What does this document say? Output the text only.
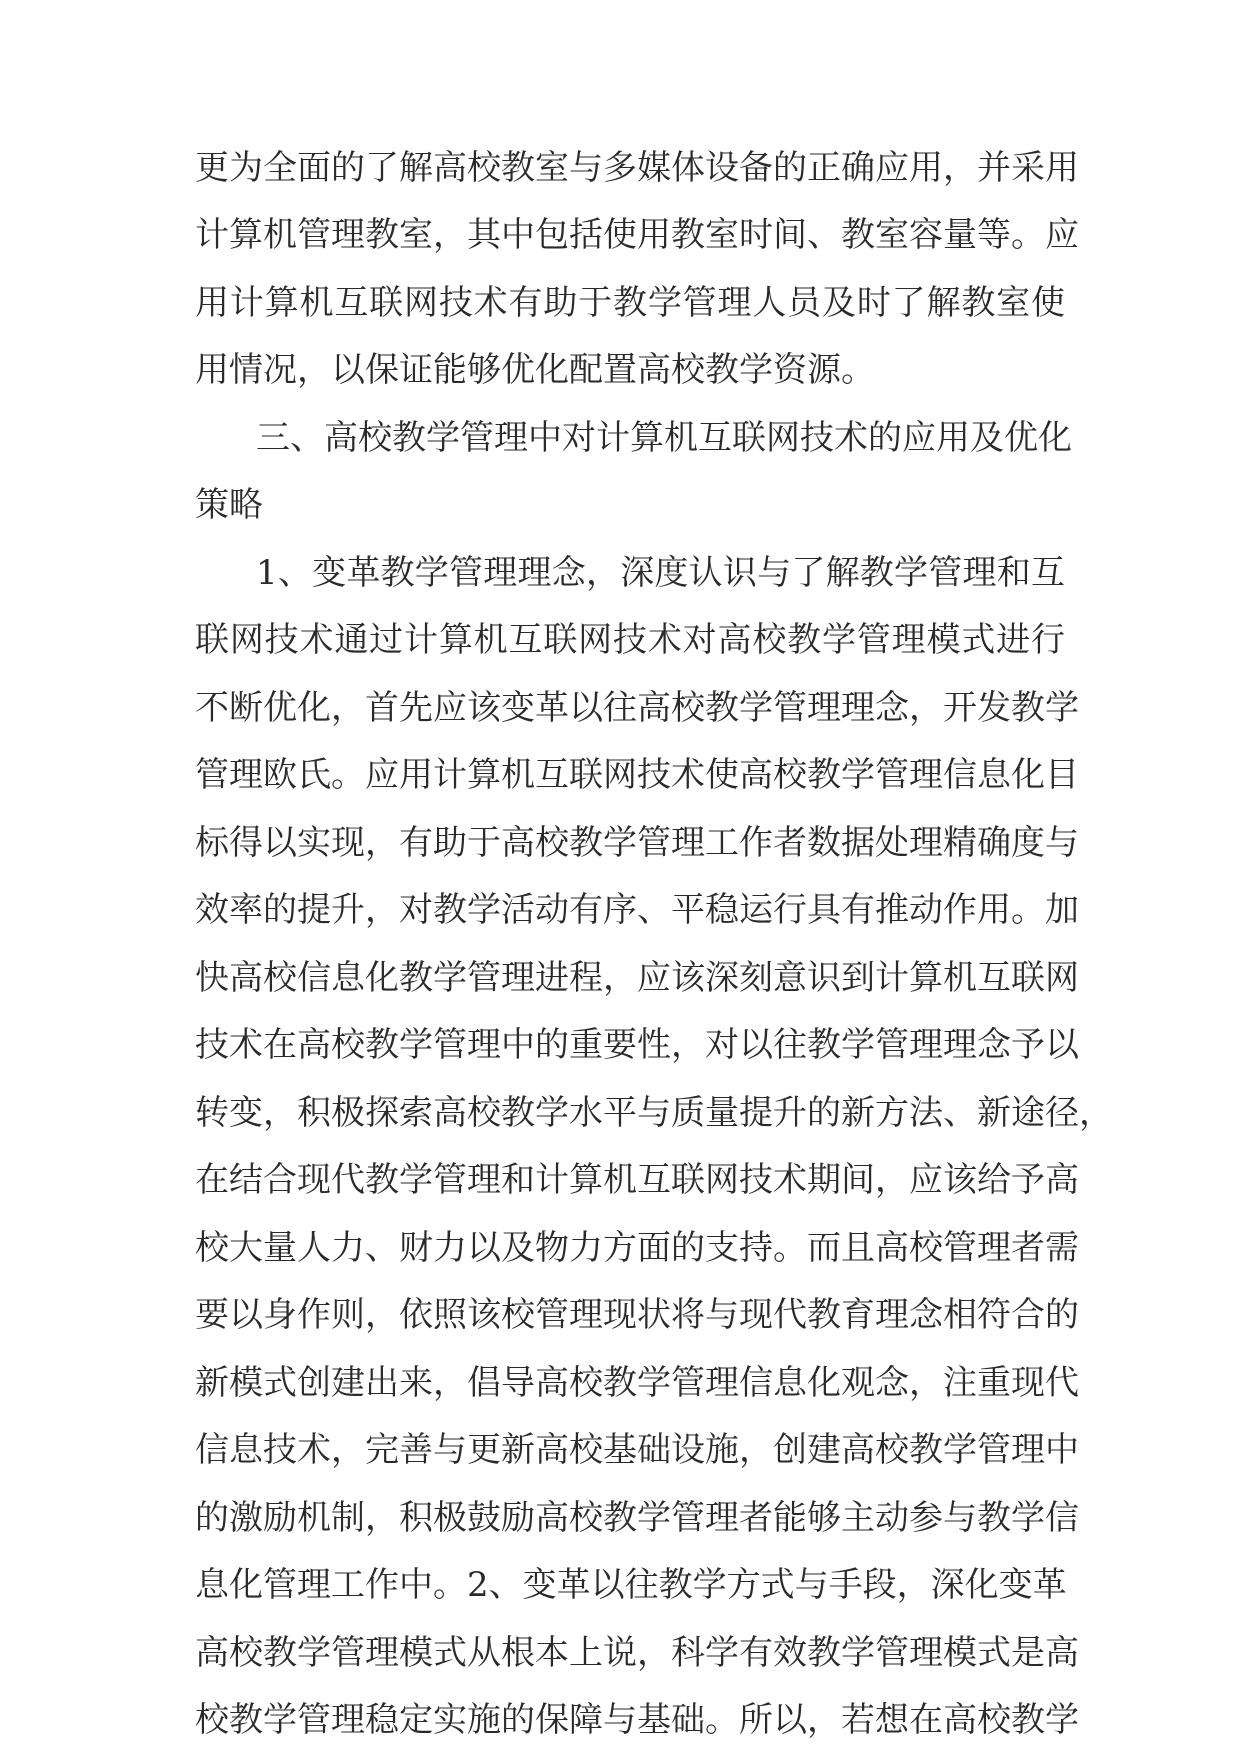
更为全面的了解高校教室与多媒体设备的正确应用，并采用
计算机管理教室，其中包括使用教室时间、教室容量等。应
用计算机互联网技术有助于教学管理人员及时了解教室使
用情况，以保证能够优化配置高校教学资源。
三、高校教学管理中对计算机互联网技术的应用及优化
策略
1、变革教学管理理念，深度认识与了解教学管理和互
联网技术通过计算机互联网技术对高校教学管理模式进行
不断优化，首先应该变革以往高校教学管理理念，开发教学
管理欧氏。应用计算机互联网技术使高校教学管理信息化目
标得以实现，有助于高校教学管理工作者数据处理精确度与
效率的提升，对教学活动有序、平稳运行具有推动作用。加
快高校信息化教学管理进程，应该深刻意识到计算机互联网
技术在高校教学管理中的重要性，对以往教学管理理念予以
转变，积极探索高校教学水平与质量提升的新方法、新途径，
在结合现代教学管理和计算机互联网技术期间，应该给予高
校大量人力、财力以及物力方面的支持。而且高校管理者需
要以身作则，依照该校管理现状将与现代教育理念相符合的
新模式创建出来，倡导高校教学管理信息化观念，注重现代
信息技术，完善与更新高校基础设施，创建高校教学管理中
的激励机制，积极鼓励高校教学管理者能够主动参与教学信
息化管理工作中。2、变革以往教学方式与手段，深化变革
高校教学管理模式从根本上说，科学有效教学管理模式是高
校教学管理稳定实施的保障与基础。所以，若想在高校教学
